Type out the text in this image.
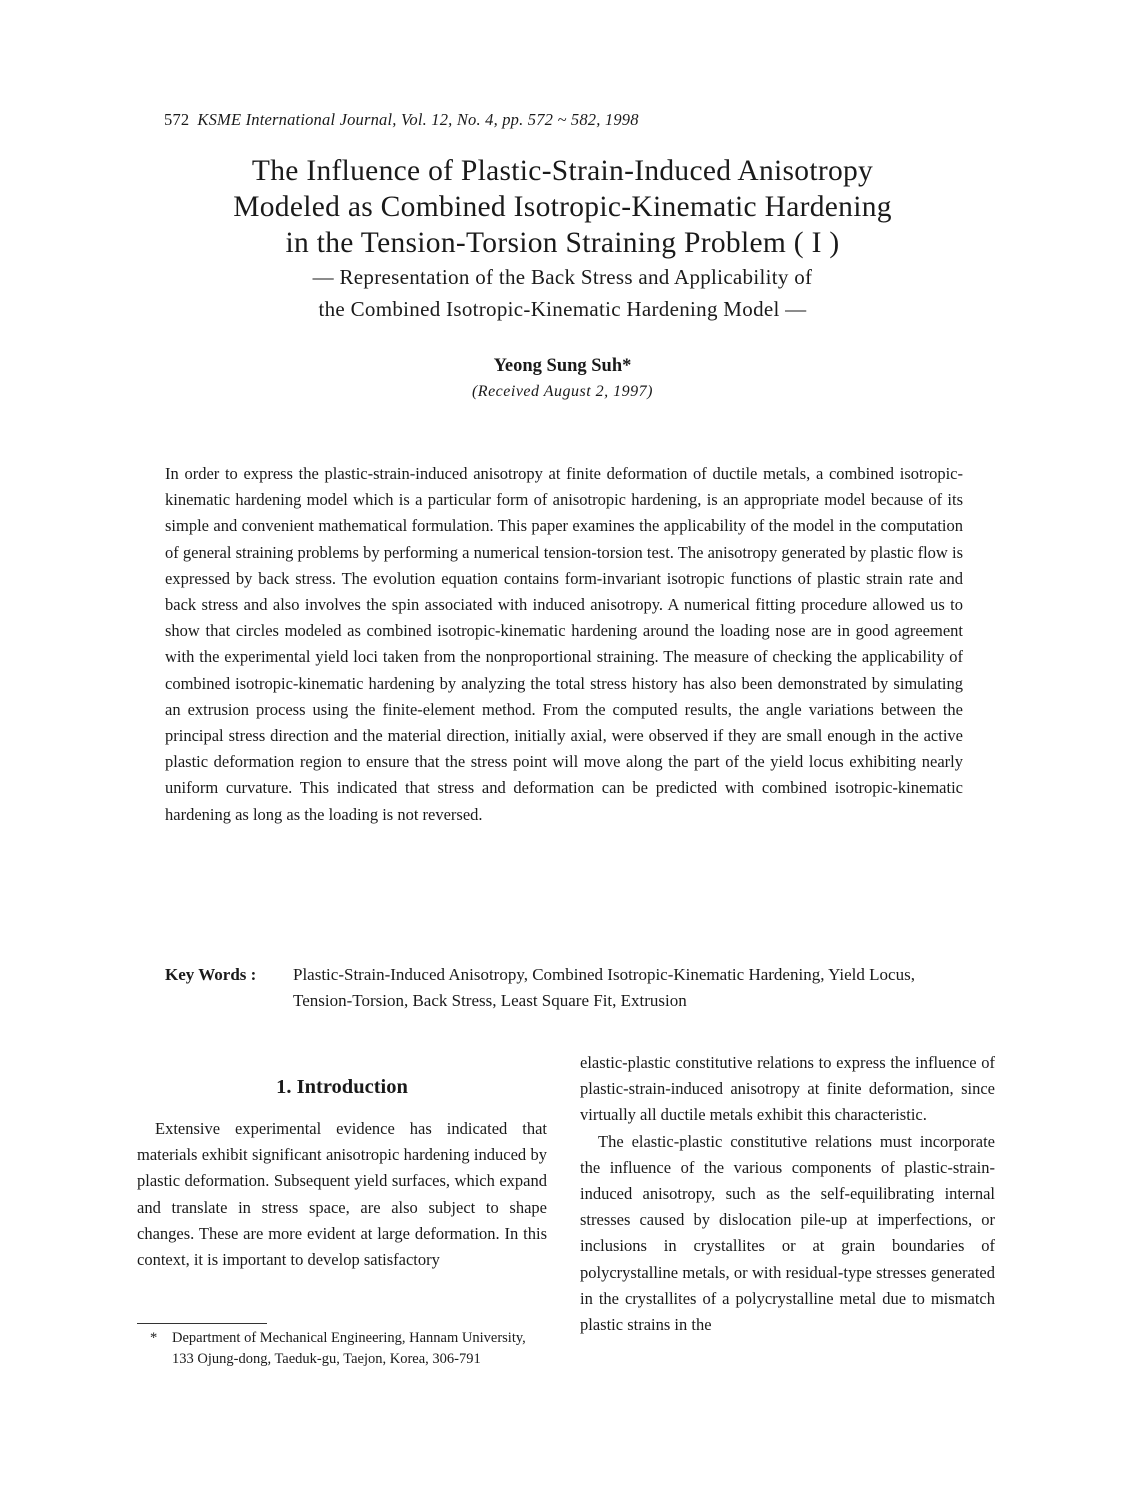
572 KSME International Journal, Vol. 12, No. 4, pp. 572 ~ 582, 1998
The Influence of Plastic-Strain-Induced Anisotropy
Modeled as Combined Isotropic-Kinematic Hardening
in the Tension-Torsion Straining Problem ( I )
— Representation of the Back Stress and Applicability of
the Combined Isotropic-Kinematic Hardening Model —
Yeong Sung Suh*
(Received August 2, 1997)

In order to express the plastic-strain-induced anisotropy at finite deformation of ductile metals, a combined isotropic-kinematic hardening model which is a particular form of anisotropic hardening, is an appropriate model because of its simple and convenient mathematical formulation. This paper examines the applicability of the model in the computation of general straining problems by performing a numerical tension-torsion test. The anisotropy generated by plastic flow is expressed by back stress. The evolution equation contains form-invariant isotropic functions of plastic strain rate and back stress and also involves the spin associated with induced anisotropy. A numerical fitting procedure allowed us to show that circles modeled as combined isotropic-kinematic hardening around the loading nose are in good agreement with the experimental yield loci taken from the nonproportional straining. The measure of checking the applicability of combined isotropic-kinematic hardening by analyzing the total stress history has also been demonstrated by simulating an extrusion process using the finite-element method. From the computed results, the angle variations between the principal stress direction and the material direction, initially axial, were observed if they are small enough in the active plastic deformation region to ensure that the stress point will move along the part of the yield locus exhibiting nearly uniform curvature. This indicated that stress and deformation can be predicted with combined isotropic-kinematic hardening as long as the loading is not reversed.

Key Words : Plastic-Strain-Induced Anisotropy, Combined Isotropic-Kinematic Hardening, Yield Locus, Tension-Torsion, Back Stress, Least Square Fit, Extrusion
1. Introduction

Extensive experimental evidence has indicated that materials exhibit significant anisotropic hardening induced by plastic deformation. Subsequent yield surfaces, which expand and translate in stress space, are also subject to shape changes. These are more evident at large deformation. In this context, it is important to develop satisfactory

elastic-plastic constitutive relations to express the influence of plastic-strain-induced anisotropy at finite deformation, since virtually all ductile metals exhibit this characteristic.

The elastic-plastic constitutive relations must incorporate the influence of the various components of plastic-strain-induced anisotropy, such as the self-equilibrating internal stresses caused by dislocation pile-up at imperfections, or inclusions in crystallites or at grain boundaries of polycrystalline metals, or with residual-type stresses generated in the crystallites of a polycrystalline metal due to mismatch plastic strains in the

*	Department of Mechanical Engineering, Hannam University, 133 Ojung-dong, Taeduk-gu, Taejon, Korea, 306-791
